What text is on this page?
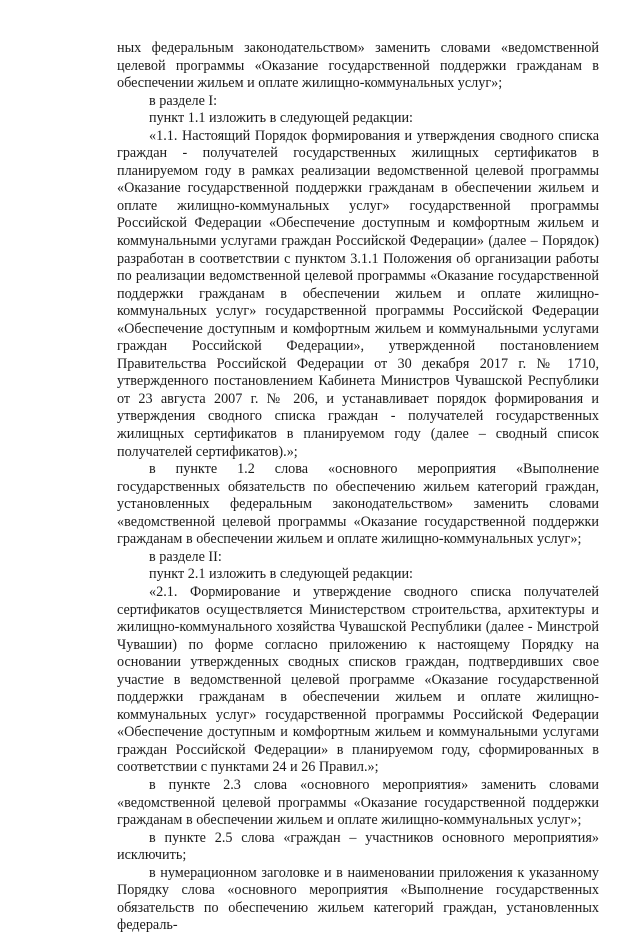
ных федеральным законодательством» заменить словами «ведомственной целевой программы «Оказание государственной поддержки гражданам в обеспечении жильем и оплате жилищно-коммунальных услуг»;

в разделе I:

пункт 1.1 изложить в следующей редакции:

«1.1. Настоящий Порядок формирования и утверждения сводного списка граждан - получателей государственных жилищных сертификатов в планируемом году в рамках реализации ведомственной целевой программы «Оказание государственной поддержки гражданам в обеспечении жильем и оплате жилищно-коммунальных услуг» государственной программы Российской Федерации «Обеспечение доступным и комфортным жильем и коммунальными услугами граждан Российской Федерации» (далее – Порядок) разработан в соответствии с пунктом 3.1.1 Положения об организации работы по реализации ведомственной целевой программы «Оказание государственной поддержки гражданам в обеспечении жильем и оплате жилищно-коммунальных услуг» государственной программы Российской Федерации «Обеспечение доступным и комфортным жильем и коммунальными услугами граждан Российской Федерации», утвержденной постановлением Правительства Российской Федерации от 30 декабря 2017 г. № 1710, утвержденного постановлением Кабинета Министров Чувашской Республики от 23 августа 2007 г. № 206, и устанавливает порядок формирования и утверждения сводного списка граждан - получателей государственных жилищных сертификатов в планируемом году (далее – сводный список получателей сертификатов).»;

в пункте 1.2 слова «основного мероприятия «Выполнение государственных обязательств по обеспечению жильем категорий граждан, установленных федеральным законодательством» заменить словами «ведомственной целевой программы «Оказание государственной поддержки гражданам в обеспечении жильем и оплате жилищно-коммунальных услуг»;

в разделе II:

пункт 2.1 изложить в следующей редакции:

«2.1. Формирование и утверждение сводного списка получателей сертификатов осуществляется Министерством строительства, архитектуры и жилищно-коммунального хозяйства Чувашской Республики (далее - Минстрой Чувашии) по форме согласно приложению к настоящему Порядку на основании утвержденных сводных списков граждан, подтвердивших свое участие в ведомственной целевой программе «Оказание государственной поддержки гражданам в обеспечении жильем и оплате жилищно-коммунальных услуг» государственной программы Российской Федерации «Обеспечение доступным и комфортным жильем и коммунальными услугами граждан Российской Федерации» в планируемом году, сформированных в соответствии с пунктами 24 и 26 Правил.»;

в пункте 2.3 слова «основного мероприятия» заменить словами «ведомственной целевой программы «Оказание государственной поддержки гражданам в обеспечении жильем и оплате жилищно-коммунальных услуг»;

в пункте 2.5 слова «граждан – участников основного мероприятия» исключить;

в нумерационном заголовке и в наименовании приложения к указанному Порядку слова «основного мероприятия «Выполнение государственных обязательств по обеспечению жильем категорий граждан, установленных федераль-
